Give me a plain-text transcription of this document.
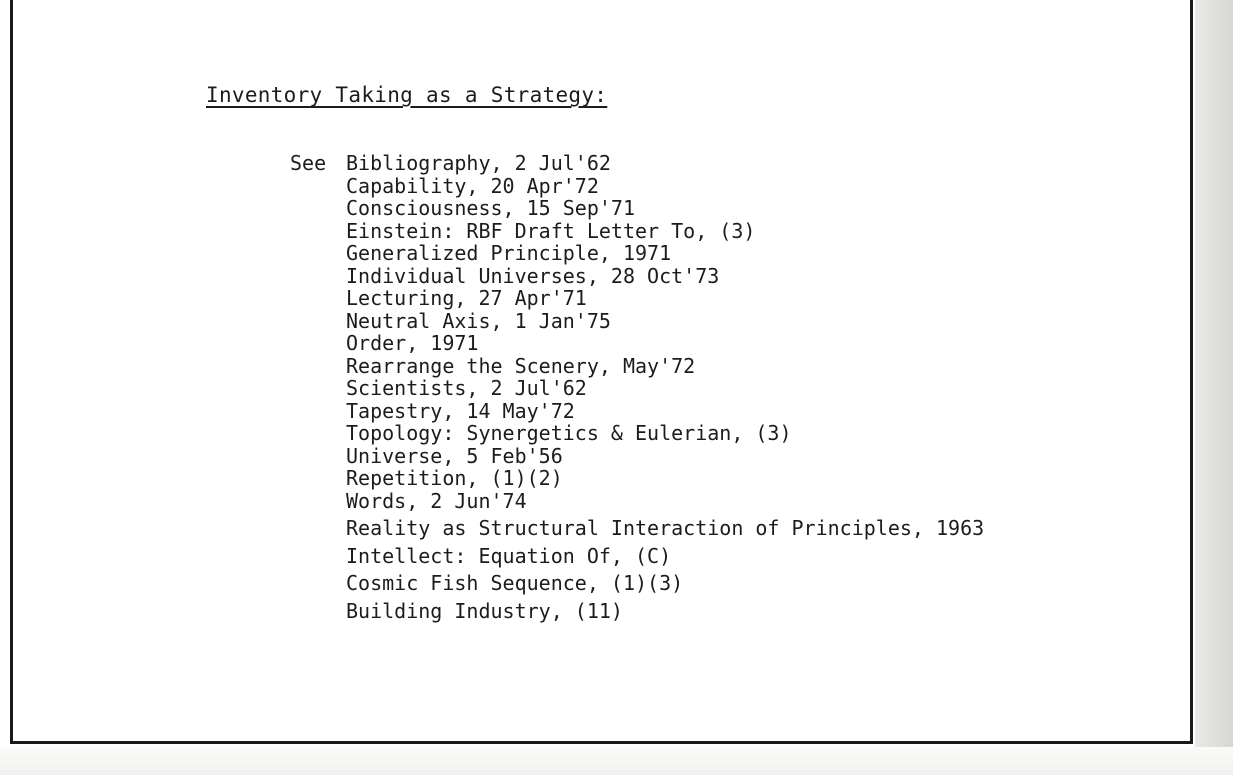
Inventory Taking as a Strategy:
See Bibliography, 2 Jul'62
Capability, 20 Apr'72
Consciousness, 15 Sep'71
Einstein: RBF Draft Letter To, (3)
Generalized Principle, 1971
Individual Universes, 28 Oct'73
Lecturing, 27 Apr'71
Neutral Axis, 1 Jan'75
Order, 1971
Rearrange the Scenery, May'72
Scientists, 2 Jul'62
Tapestry, 14 May'72
Topology: Synergetics & Eulerian, (3)
Universe, 5 Feb'56
Repetition, (1)(2)
Words, 2 Jun'74
Reality as Structural Interaction of Principles, 1963
Intellect: Equation Of, (C)
Cosmic Fish Sequence, (1)(3)
Building Industry, (11)
